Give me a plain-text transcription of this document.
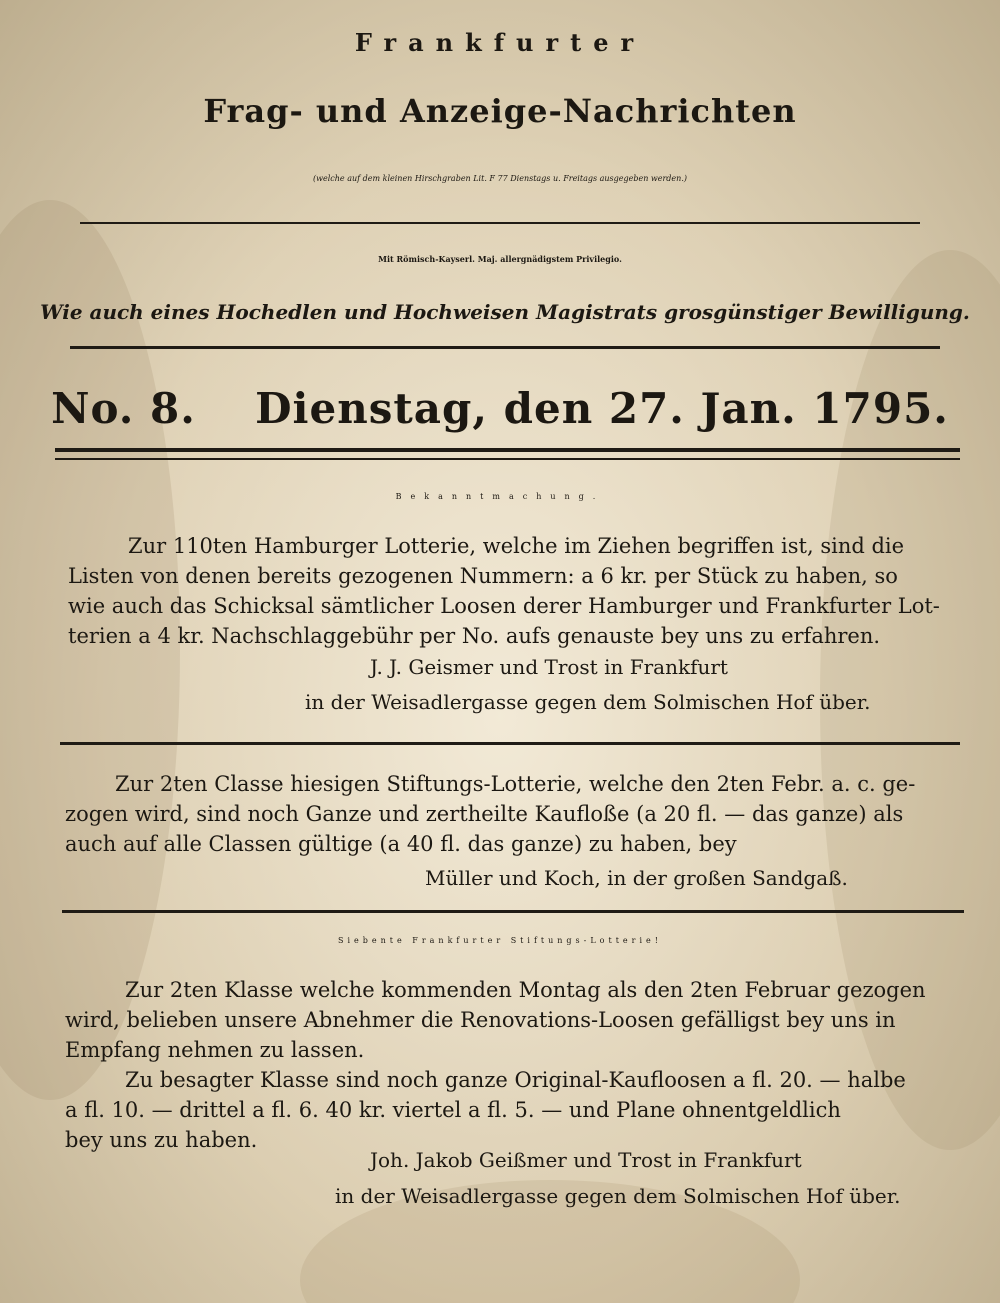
Frankfurter
Frag- und Anzeige-Nachrichten
(welche auf dem kleinen Hirschgraben Lit. F 77 Dienstags u. Freitags ausgegeben werden.)
Mit Römisch-Kayserl. Maj. allergnädigstem Privilegio.
Wie auch eines Hochedlen und Hochweisen Magistrats grosgünstiger Bewilligung.
No. 8. Dienstag, den 27. Jan. 1795.
Bekanntmachung.
Zur 110ten Hamburger Lotterie, welche im Ziehen begriffen ist, sind die
Listen von denen bereits gezogenen Nummern: a 6 kr. per Stück zu haben, so
wie auch das Schicksal sämtlicher Loosen derer Hamburger und Frankfurter Lot-
terien a 4 kr. Nachschlaggebühr per No. aufs genauste bey uns zu erfahren.
J. J. Geismer und Trost in Frankfurt
in der Weisadlergasse gegen dem Solmischen Hof über.
Zur 2ten Classe hiesigen Stiftungs-Lotterie, welche den 2ten Febr. a. c. ge-
zogen wird, sind noch Ganze und zertheilte Kaufloße (a 20 fl. — das ganze) als
auch auf alle Classen gültige (a 40 fl. das ganze) zu haben, bey
Müller und Koch, in der großen Sandgaß.
Siebente Frankfurter Stiftungs-Lotterie!
Zur 2ten Klasse welche kommenden Montag als den 2ten Februar gezogen
wird, belieben unsere Abnehmer die Renovations-Loosen gefälligst bey uns in
Empfang nehmen zu lassen.
Zu besagter Klasse sind noch ganze Original-Kaufloosen a fl. 20. — halbe
a fl. 10. — drittel a fl. 6. 40 kr. viertel a fl. 5. — und Plane ohnentgeldlich
bey uns zu haben.
Joh. Jakob Geißmer und Trost in Frankfurt
in der Weisadlergasse gegen dem Solmischen Hof über.
